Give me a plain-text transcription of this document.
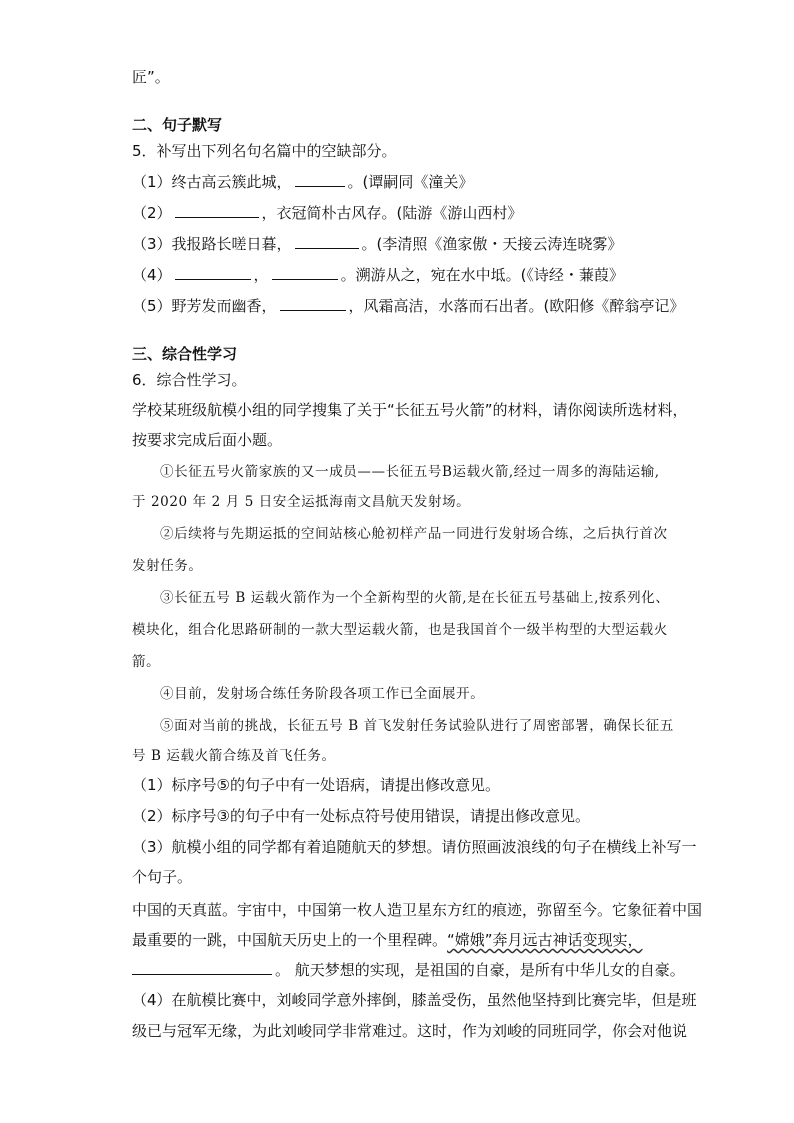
匠”。
二、句子默写
5．补写出下列名句名篇中的空缺部分。
（1）终古高云簇此城，	。(谭嗣同《潼关》
（2）	，衣冠简朴古风存。(陆游《游山西村》
（3）我报路长嗟日暮，	。(李清照《渔家傲・天接云涛连晓雾》
（4）	，	。溯游从之，宛在水中坻。(《诗经・蒹葭》
（5）野芳发而幽香，	，风霜高洁，水落而石出者。(欧阳修《醉翁亭记》
三、综合性学习
6．综合性学习。
学校某班级航模小组的同学搜集了关于“长征五号火箭”的材料，请你阅读所选材料，
按要求完成后面小题。
①长征五号火箭家族的又一成员——长征五号B运载火箭,经过一周多的海陆运输,
于 2020 年 2 月 5 日安全运抵海南文昌航天发射场。
②后续将与先期运抵的空间站核心舱初样产品一同进行发射场合练，之后执行首次
发射任务。
③长征五号 B 运载火箭作为一个全新构型的火箭,是在长征五号基础上,按系列化、
模块化，组合化思路研制的一款大型运载火箭，也是我国首个一级半构型的大型运载火
箭。
④目前，发射场合练任务阶段各项工作已全面展开。
⑤面对当前的挑战，长征五号 B 首飞发射任务试验队进行了周密部署，确保长征五
号 B 运载火箭合练及首飞任务。
（1）标序号⑤的句子中有一处语病，请提出修改意见。
（2）标序号③的句子中有一处标点符号使用错误，请提出修改意见。
（3）航模小组的同学都有着追随航天的梦想。请仿照画波浪线的句子在横线上补写一
个句子。
中国的天真蓝。宇宙中，中国第一枚人造卫星东方红的痕迹，弥留至今。它象征着中国
最重要的一跳，中国航天历史上的一个里程碑。“嫦娥”奔月远古神话变现实，
。 航天梦想的实现，是祖国的自豪，是所有中华儿女的自豪。
（4）在航模比赛中，刘峻同学意外摔倒，膝盖受伤，虽然他坚持到比赛完毕，但是班
级已与冠军无缘，为此刘峻同学非常难过。这时，作为刘峻的同班同学，你会对他说
